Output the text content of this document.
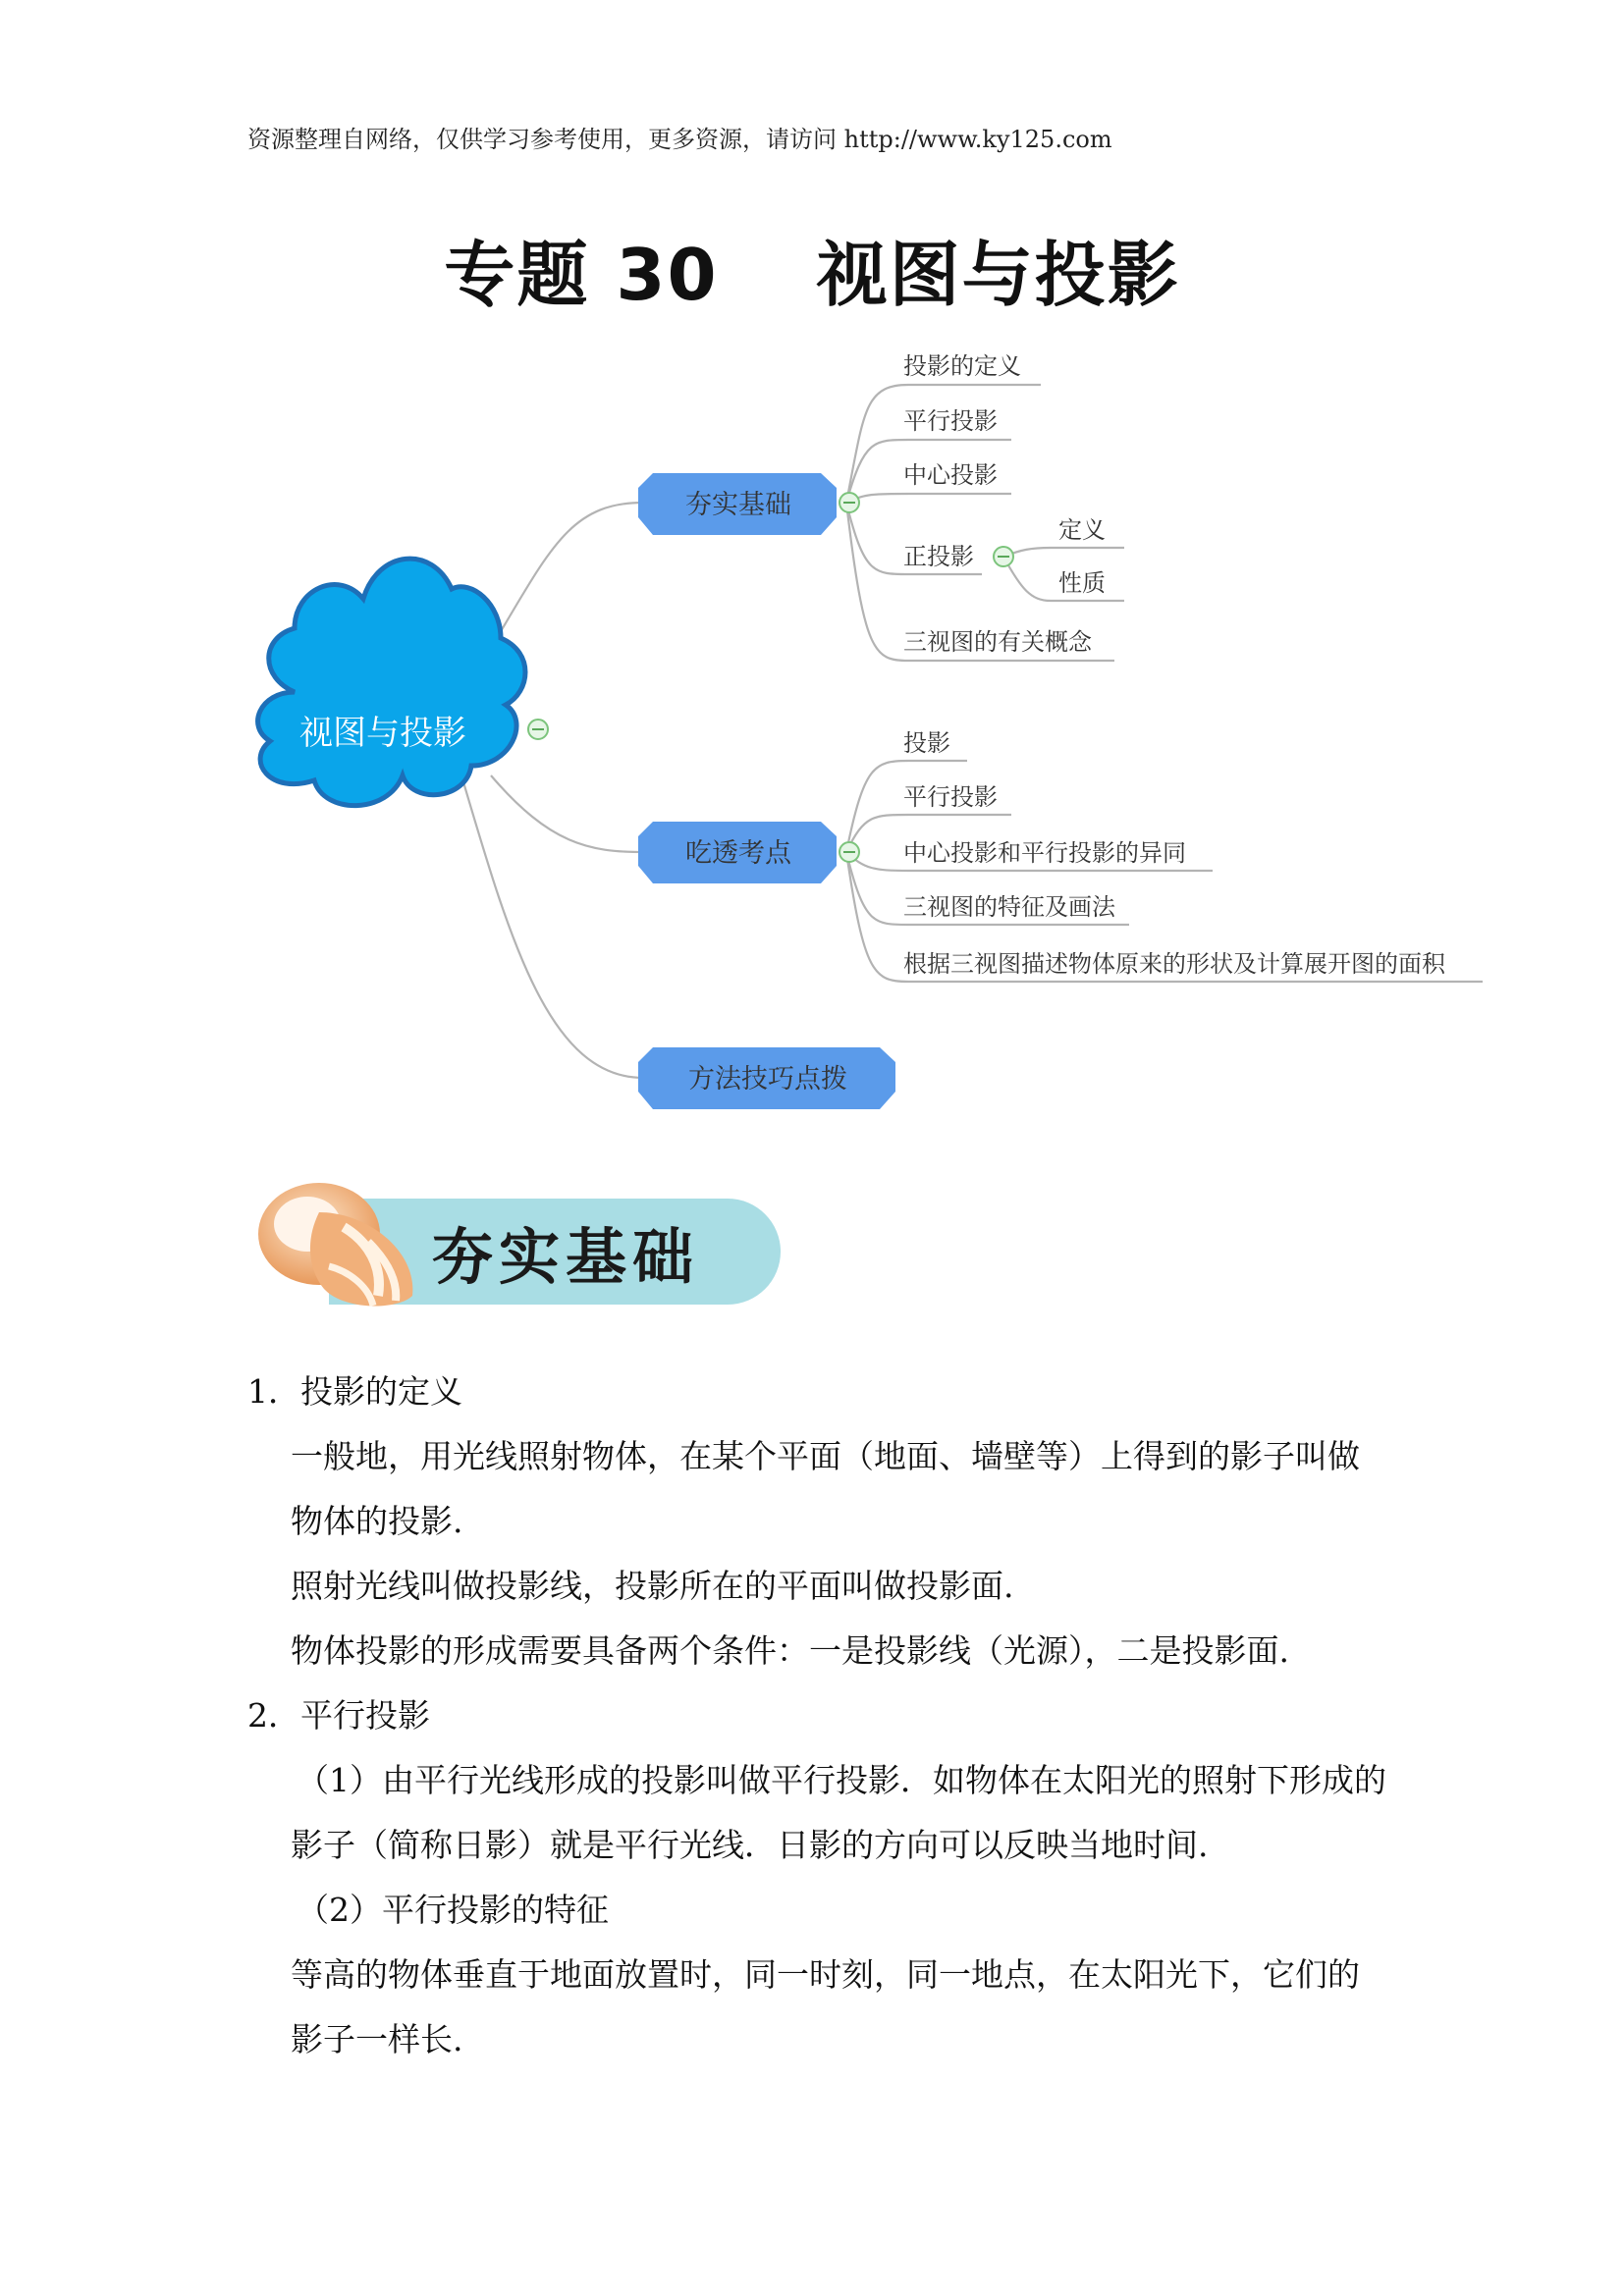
资源整理自网络，仅供学习参考使用，更多资源，请访问 http://www.ky125.com
专题 30 视图与投影
视图与投影
夯实基础
吃透考点
方法技巧点拨
投影的定义
平行投影
中心投影
正投影
定义
性质
三视图的有关概念
投影
平行投影
中心投影和平行投影的异同
三视图的特征及画法
根据三视图描述物体原来的形状及计算展开图的面积
夯实基础

1．投影的定义

一般地，用光线照射物体，在某个平面（地面、墙壁等）上得到的影子叫做

物体的投影.

照射光线叫做投影线，投影所在的平面叫做投影面.

物体投影的形成需要具备两个条件：一是投影线（光源），二是投影面.

2．平行投影

（1）由平行光线形成的投影叫做平行投影．如物体在太阳光的照射下形成的

影子（简称日影）就是平行光线．日影的方向可以反映当地时间.

（2）平行投影的特征

等高的物体垂直于地面放置时，同一时刻，同一地点，在太阳光下，它们的

影子一样长.
